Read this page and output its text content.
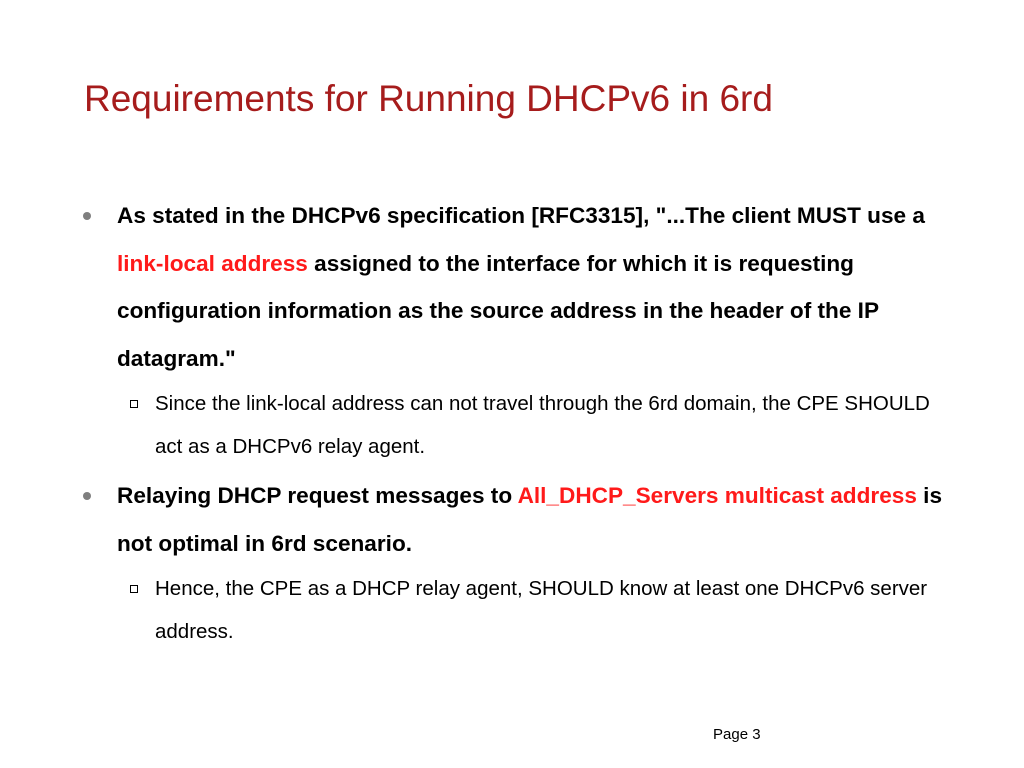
Requirements for Running DHCPv6 in 6rd
As stated in the DHCPv6 specification [RFC3315], "...The client MUST use a link-local address assigned to the interface for which it is requesting configuration information as the source address in the header of the IP datagram."
Since the link-local address can not travel through the 6rd domain, the CPE SHOULD act as a DHCPv6 relay agent.
Relaying DHCP request messages to All_DHCP_Servers multicast address is not optimal in 6rd scenario.
Hence, the CPE as a DHCP relay agent, SHOULD know at least one DHCPv6 server address.
Page 3
